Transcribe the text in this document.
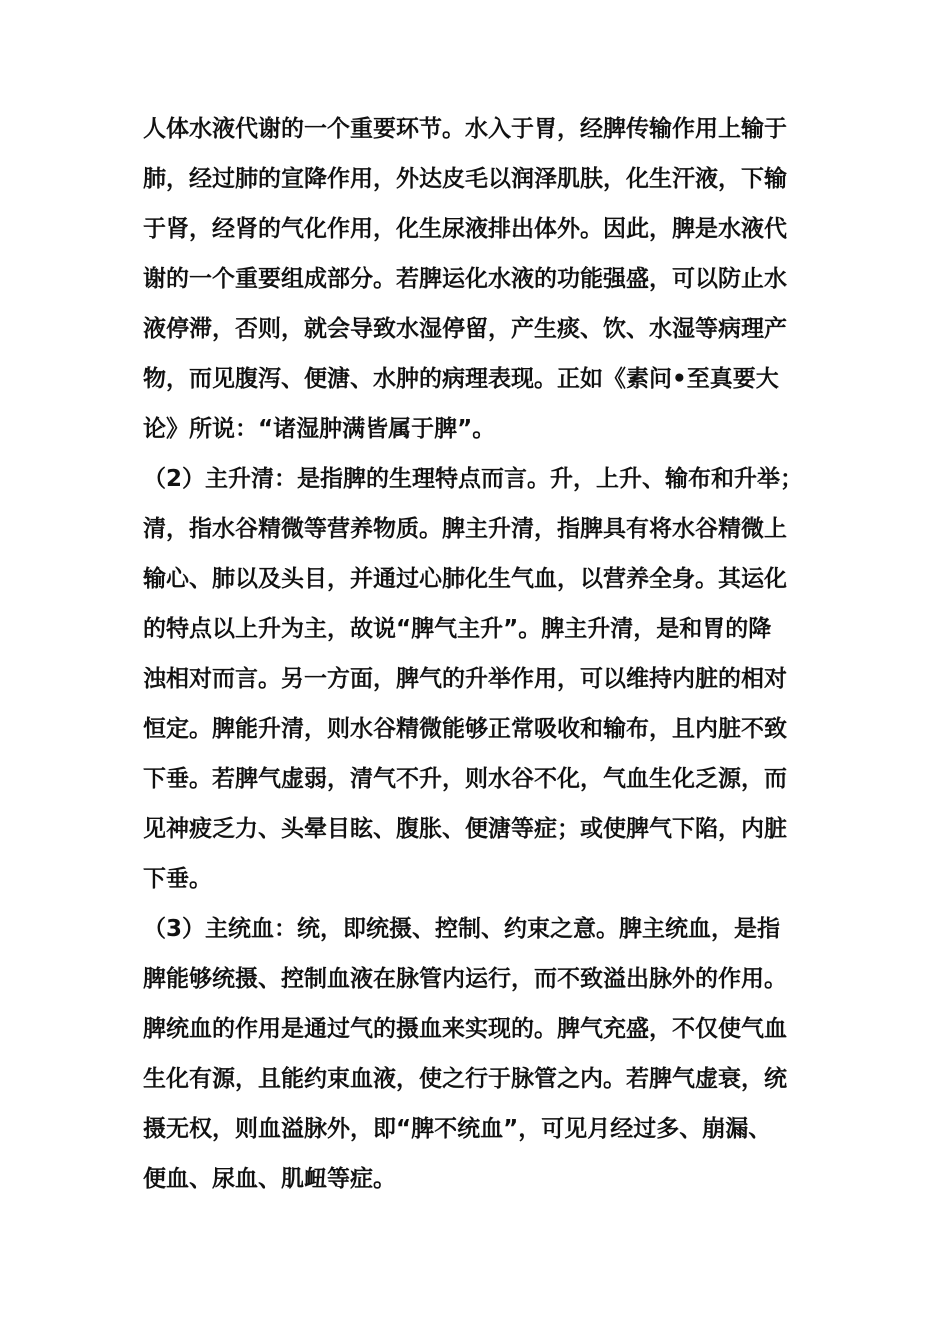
人体水液代谢的一个重要环节。水入于胃，经脾传输作用上输于
肺，经过肺的宣降作用，外达皮毛以润泽肌肤，化生汗液，下输
于肾，经肾的气化作用，化生尿液排出体外。因此，脾是水液代
谢的一个重要组成部分。若脾运化水液的功能强盛，可以防止水
液停滞，否则，就会导致水湿停留，产生痰、饮、水湿等病理产
物，而见腹泻、便溏、水肿的病理表现。正如《素问•至真要大
论》所说：“诸湿肿满皆属于脾”。
（2）主升清：是指脾的生理特点而言。升，上升、输布和升举；
清，指水谷精微等营养物质。脾主升清，指脾具有将水谷精微上
输心、肺以及头目，并通过心肺化生气血，以营养全身。其运化
的特点以上升为主，故说“脾气主升”。脾主升清，是和胃的降
浊相对而言。另一方面，脾气的升举作用，可以维持内脏的相对
恒定。脾能升清，则水谷精微能够正常吸收和输布，且内脏不致
下垂。若脾气虚弱，清气不升，则水谷不化，气血生化乏源，而
见神疲乏力、头晕目眩、腹胀、便溏等症；或使脾气下陷，内脏
下垂。
（3）主统血：统，即统摄、控制、约束之意。脾主统血，是指
脾能够统摄、控制血液在脉管内运行，而不致溢出脉外的作用。
脾统血的作用是通过气的摄血来实现的。脾气充盛，不仅使气血
生化有源，且能约束血液，使之行于脉管之内。若脾气虚衰，统
摄无权，则血溢脉外，即“脾不统血”，可见月经过多、崩漏、
便血、尿血、肌衄等症。
